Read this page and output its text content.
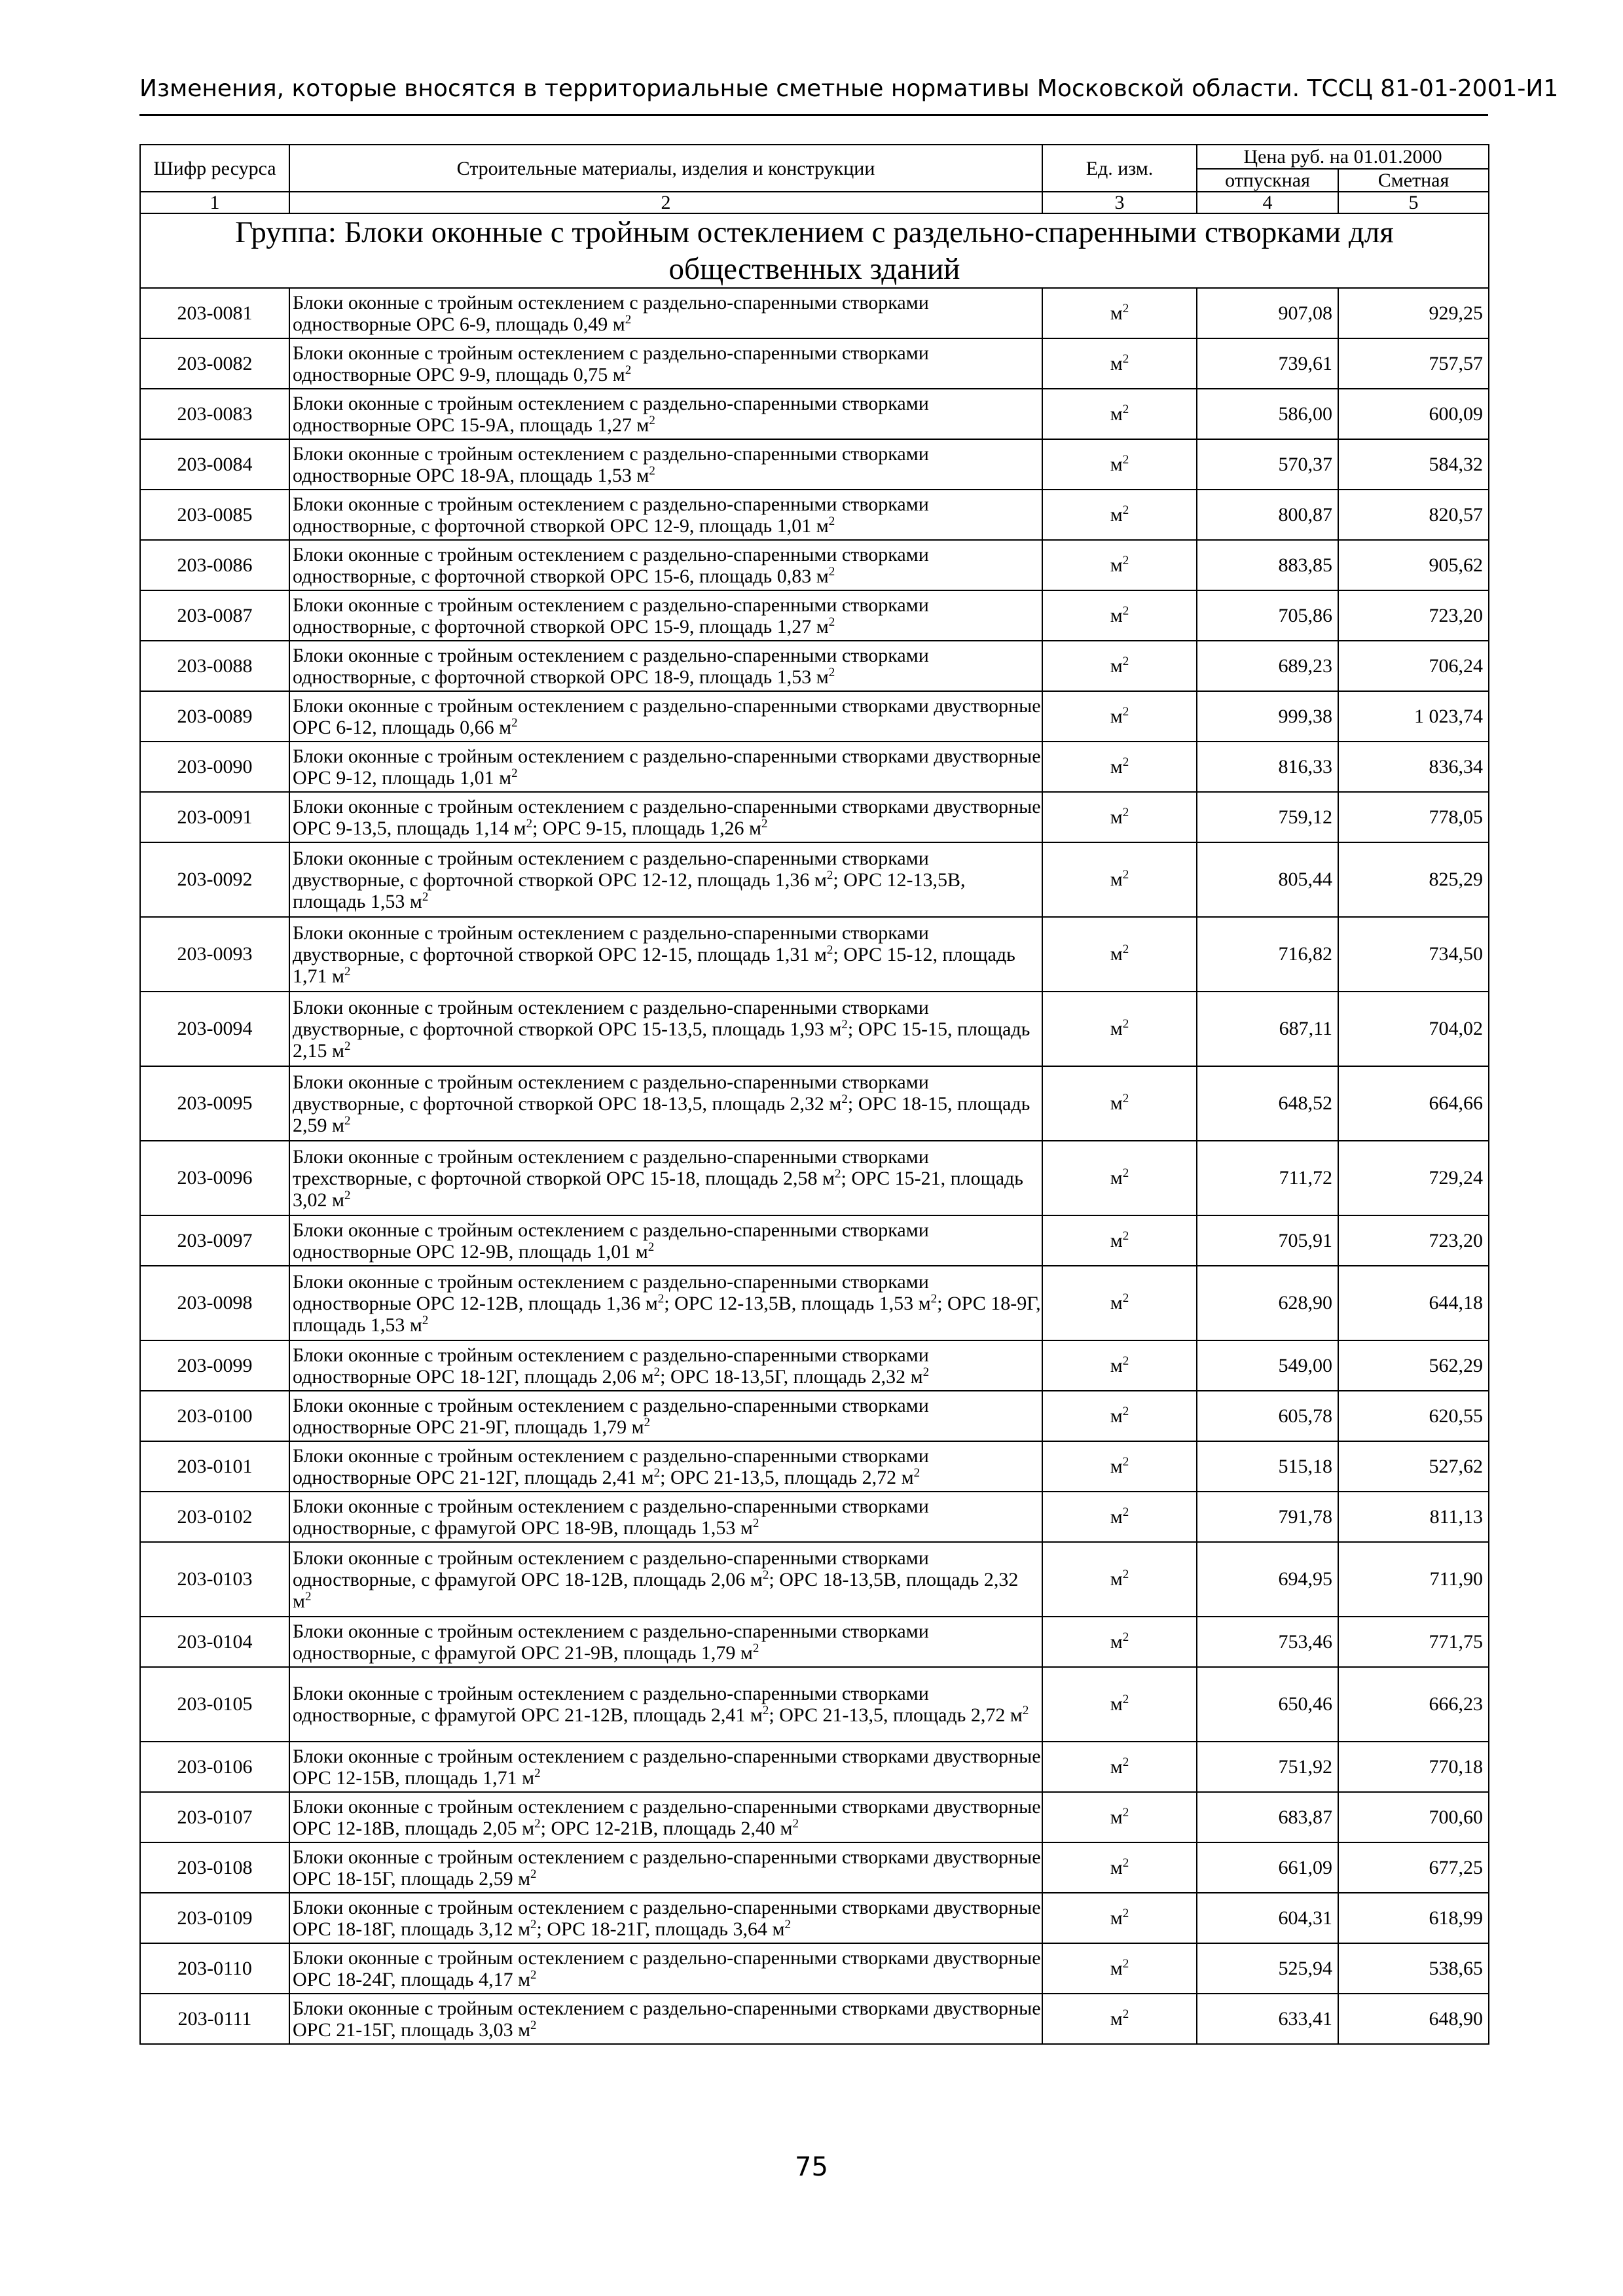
Изменения, которые вносятся в территориальные сметные нормативы Московской области. ТССЦ 81-01-2001-И1
Шифр ресурса	Строительные материалы, изделия и конструкции	Ед. изм.	Цена руб. на 01.01.2000	
			отпускная	Сметная
1	2	3	4	5
Группа: Блоки оконные с тройным остеклением с раздельно-спаренными створками для общественных зданий				
203-0081	Блоки оконные с тройным остеклением с раздельно-спаренными створками одностворные ОРС 6-9, площадь 0,49 $м^2$	$м^2$	907,08	929,25
203-0082	Блоки оконные с тройным остеклением с раздельно-спаренными створками одностворные ОРС 9-9, площадь 0,75 $м^2$	$м^2$	739,61	757,57
203-0083	Блоки оконные с тройным остеклением с раздельно-спаренными створками одностворные ОРС 15-9А, площадь 1,27 $м^2$	$м^2$	586,00	600,09
203-0084	Блоки оконные с тройным остеклением с раздельно-спаренными створками одностворные ОРС 18-9А, площадь 1,53 $м^2$	$м^2$	570,37	584,32
203-0085	Блоки оконные с тройным остеклением с раздельно-спаренными створками одностворные, с форточной створкой ОРС 12-9, площадь 1,01 $м^2$	$м^2$	800,87	820,57
203-0086	Блоки оконные с тройным остеклением с раздельно-спаренными створками одностворные, с форточной створкой ОРС 15-6, площадь 0,83 $м^2$	$м^2$	883,85	905,62
203-0087	Блоки оконные с тройным остеклением с раздельно-спаренными створками одностворные, с форточной створкой ОРС 15-9, площадь 1,27 $м^2$	$м^2$	705,86	723,20
203-0088	Блоки оконные с тройным остеклением с раздельно-спаренными створками одностворные, с форточной створкой ОРС 18-9, площадь 1,53 $м^2$	$м^2$	689,23	706,24
203-0089	Блоки оконные с тройным остеклением с раздельно-спаренными створками двустворные ОРС 6-12, площадь 0,66 $м^2$	$м^2$	999,38	1 023,74
203-0090	Блоки оконные с тройным остеклением с раздельно-спаренными створками двустворные ОРС 9-12, площадь 1,01 $м^2$	$м^2$	816,33	836,34
203-0091	Блоки оконные с тройным остеклением с раздельно-спаренными створками двустворные ОРС 9-13,5, площадь 1,14 $м^2$; ОРС 9-15, площадь 1,26 $м^2$	$м^2$	759,12	778,05
203-0092	Блоки оконные с тройным остеклением с раздельно-спаренными створками двустворные, с форточной створкой ОРС 12-12, площадь 1,36 $м^2$; ОРС 12-13,5В, площадь 1,53 $м^2$	$м^2$	805,44	825,29
203-0093	Блоки оконные с тройным остеклением с раздельно-спаренными створками двустворные, с форточной створкой ОРС 12-15, площадь 1,31 $м^2$; ОРС 15-12, площадь 1,71 $м^2$	$м^2$	716,82	734,50
203-0094	Блоки оконные с тройным остеклением с раздельно-спаренными створками двустворные, с форточной створкой ОРС 15-13,5, площадь 1,93 $м^2$; ОРС 15-15, площадь 2,15 $м^2$	$м^2$	687,11	704,02
203-0095	Блоки оконные с тройным остеклением с раздельно-спаренными створками двустворные, с форточной створкой ОРС 18-13,5, площадь 2,32 $м^2$; ОРС 18-15, площадь 2,59 $м^2$	$м^2$	648,52	664,66
203-0096	Блоки оконные с тройным остеклением с раздельно-спаренными створками трехстворные, с форточной створкой ОРС 15-18, площадь 2,58 $м^2$; ОРС 15-21, площадь 3,02 $м^2$	$м^2$	711,72	729,24
203-0097	Блоки оконные с тройным остеклением с раздельно-спаренными створками одностворные ОРС 12-9В, площадь 1,01 $м^2$	$м^2$	705,91	723,20
203-0098	Блоки оконные с тройным остеклением с раздельно-спаренными створками одностворные ОРС 12-12В, площадь 1,36 $м^2$; ОРС 12-13,5В, площадь 1,53 $м^2$; ОРС 18-9Г, площадь 1,53 $м^2$	$м^2$	628,90	644,18
203-0099	Блоки оконные с тройным остеклением с раздельно-спаренными створками одностворные ОРС 18-12Г, площадь 2,06 $м^2$; ОРС 18-13,5Г, площадь 2,32 $м^2$	$м^2$	549,00	562,29
203-0100	Блоки оконные с тройным остеклением с раздельно-спаренными створками одностворные ОРС 21-9Г, площадь 1,79 $м^2$	$м^2$	605,78	620,55
203-0101	Блоки оконные с тройным остеклением с раздельно-спаренными створками одностворные ОРС 21-12Г, площадь 2,41 $м^2$; ОРС 21-13,5, площадь 2,72 $м^2$	$м^2$	515,18	527,62
203-0102	Блоки оконные с тройным остеклением с раздельно-спаренными створками одностворные, с фрамугой ОРС 18-9В, площадь 1,53 $м^2$	$м^2$	791,78	811,13
203-0103	Блоки оконные с тройным остеклением с раздельно-спаренными створками одностворные, с фрамугой ОРС 18-12В, площадь 2,06 $м^2$; ОРС 18-13,5В, площадь 2,32 $м^2$	$м^2$	694,95	711,90
203-0104	Блоки оконные с тройным остеклением с раздельно-спаренными створками одностворные, с фрамугой ОРС 21-9В, площадь 1,79 $м^2$	$м^2$	753,46	771,75
203-0105	Блоки оконные с тройным остеклением с раздельно-спаренными створками одностворные, с фрамугой ОРС 21-12В, площадь 2,41 $м^2$; ОРС 21-13,5, площадь 2,72 $м^2$	$м^2$	650,46	666,23
203-0106	Блоки оконные с тройным остеклением с раздельно-спаренными створками двустворные ОРС 12-15В, площадь 1,71 $м^2$	$м^2$	751,92	770,18
203-0107	Блоки оконные с тройным остеклением с раздельно-спаренными створками двустворные ОРС 12-18В, площадь 2,05 $м^2$; ОРС 12-21В, площадь 2,40 $м^2$	$м^2$	683,87	700,60
203-0108	Блоки оконные с тройным остеклением с раздельно-спаренными створками двустворные ОРС 18-15Г, площадь 2,59 $м^2$	$м^2$	661,09	677,25
203-0109	Блоки оконные с тройным остеклением с раздельно-спаренными створками двустворные ОРС 18-18Г, площадь 3,12 $м^2$; ОРС 18-21Г, площадь 3,64 $м^2$	$м^2$	604,31	618,99
203-0110	Блоки оконные с тройным остеклением с раздельно-спаренными створками двустворные ОРС 18-24Г, площадь 4,17 $м^2$	$м^2$	525,94	538,65
203-0111	Блоки оконные с тройным остеклением с раздельно-спаренными створками двустворные ОРС 21-15Г, площадь 3,03 $м^2$	$м^2$	633,41	648,90
75
